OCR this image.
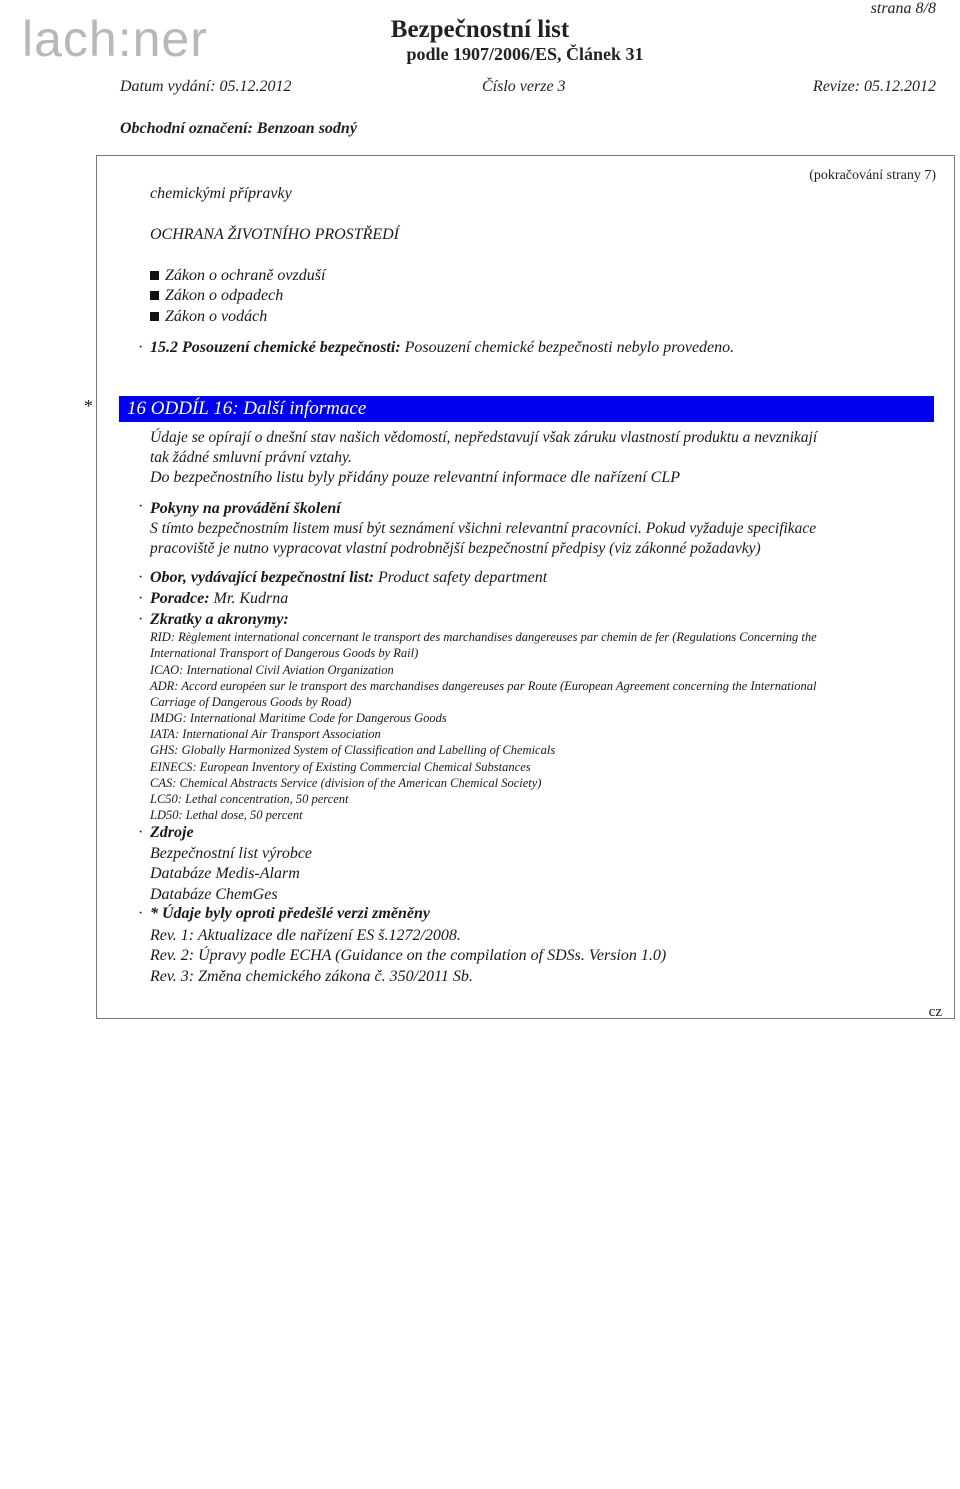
lach:ner	Bezpečnostní list
podle 1907/2006/ES, Článek 31
strana 8/8
Datum vydání: 05.12.2012	Číslo verze 3	Revize: 05.12.2012
Obchodní označení: Benzoan sodný
(pokračování strany 7)
chemickými přípravky
OCHRANA ŽIVOTNÍHO PROSTŘEDÍ
Zákon o ochraně ovzduší
Zákon o odpadech
Zákon o vodách
· 15.2 Posouzení chemické bezpečnosti: Posouzení chemické bezpečnosti nebylo provedeno.
* 16 ODDÍL 16: Další informace
Údaje se opírají o dnešní stav našich vědomostí, nepředstavují však záruku vlastností produktu a nevznikají
tak žádné smluvní právní vztahy.
Do bezpečnostního listu byly přidány pouze relevantní informace dle nařízení CLP
· Pokyny na provádění školení
S tímto bezpečnostním listem musí být seznámení všichni relevantní pracovníci. Pokud vyžaduje specifikace
pracoviště je nutno vypracovat vlastní podrobnější bezpečnostní předpisy (viz zákonné požadavky)
· Obor, vydávající bezpečnostní list: Product safety department
· Poradce: Mr. Kudrna
· Zkratky a akronymy:
RID: Règlement international concernant le transport des marchandises dangereuses par chemin de fer (Regulations Concerning the
International Transport of Dangerous Goods by Rail)
ICAO: International Civil Aviation Organization
ADR: Accord européen sur le transport des marchandises dangereuses par Route (European Agreement concerning the International
Carriage of Dangerous Goods by Road)
IMDG: International Maritime Code for Dangerous Goods
IATA: International Air Transport Association
GHS: Globally Harmonized System of Classification and Labelling of Chemicals
EINECS: European Inventory of Existing Commercial Chemical Substances
CAS: Chemical Abstracts Service (division of the American Chemical Society)
LC50: Lethal concentration, 50 percent
LD50: Lethal dose, 50 percent
· Zdroje
Bezpečnostní list výrobce
Databáze Medis-Alarm
Databáze ChemGes
· * Údaje byly oproti předešlé verzi změněny
Rev. 1: Aktualizace dle nařízení ES š.1272/2008.
Rev. 2: Úpravy podle ECHA (Guidance on the compilation of SDSs. Version 1.0)
Rev. 3: Změna chemického zákona č. 350/2011 Sb.
cz
